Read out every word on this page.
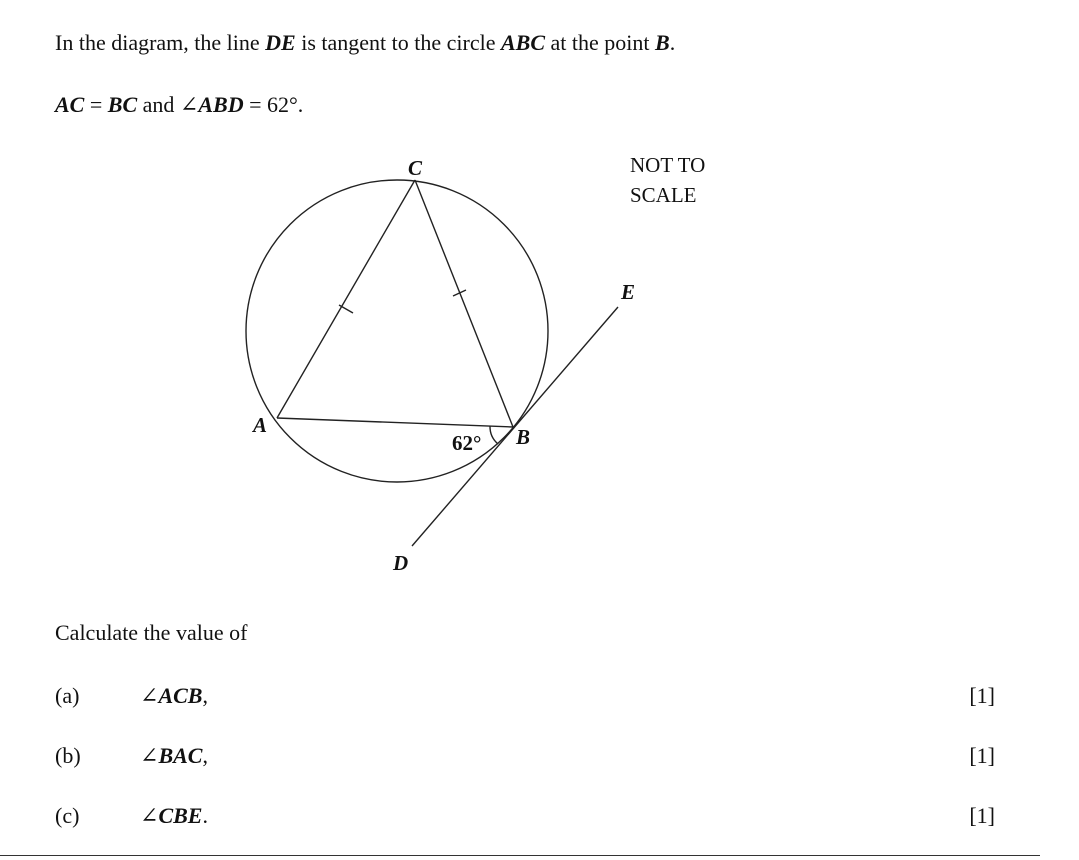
In the diagram, the line DE is tangent to the circle ABC at the point B.
AC = BC and ∠ABD = 62°.
C
A	B
D
E
62°
NOT TO
SCALE
Calculate the value of
(a)	∠ACB,	[1]
(b)	∠BAC,	[1]
(c)	∠CBE.	[1]
